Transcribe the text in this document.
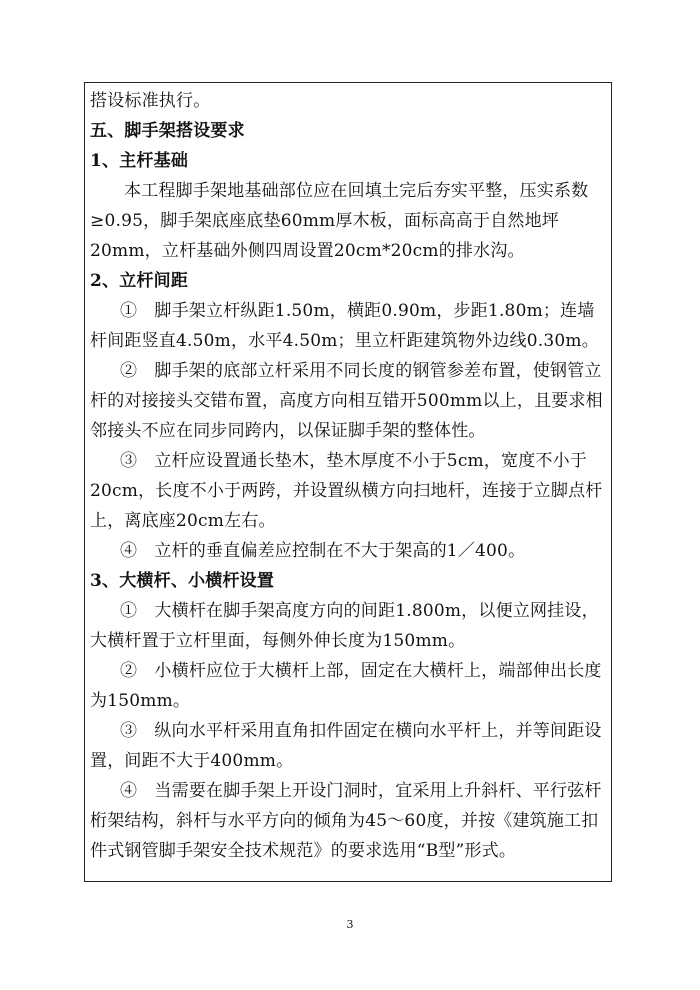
搭设标准执行。

五、脚手架搭设要求

1、主杆基础

本工程脚手架地基础部位应在回填土完后夯实平整，压实系数≥0.95，脚手架底座底垫60mm厚木板，面标高高于自然地坪20mm，立杆基础外侧四周设置20cm*20cm的排水沟。

2、立杆间距

①　脚手架立杆纵距1.50m，横距0.90m，步距1.80m；连墙杆间距竖直4.50m，水平4.50m；里立杆距建筑物外边线0.30m。

②　脚手架的底部立杆采用不同长度的钢管参差布置，使钢管立杆的对接接头交错布置，高度方向相互错开500mm以上，且要求相邻接头不应在同步同跨内，以保证脚手架的整体性。

③　立杆应设置通长垫木，垫木厚度不小于5cm，宽度不小于20cm，长度不小于两跨，并设置纵横方向扫地杆，连接于立脚点杆上，离底座20cm左右。

④　立杆的垂直偏差应控制在不大于架高的1／400。

3、大横杆、小横杆设置

①　大横杆在脚手架高度方向的间距1.800m，以便立网挂设，大横杆置于立杆里面，每侧外伸长度为150mm。

②　小横杆应位于大横杆上部，固定在大横杆上，端部伸出长度为150mm。

③　纵向水平杆采用直角扣件固定在横向水平杆上，并等间距设置，间距不大于400mm。

④　当需要在脚手架上开设门洞时，宜采用上升斜杆、平行弦杆桁架结构，斜杆与水平方向的倾角为45～60度，并按《建筑施工扣件式钢管脚手架安全技术规范》的要求选用“B型”形式。

3
